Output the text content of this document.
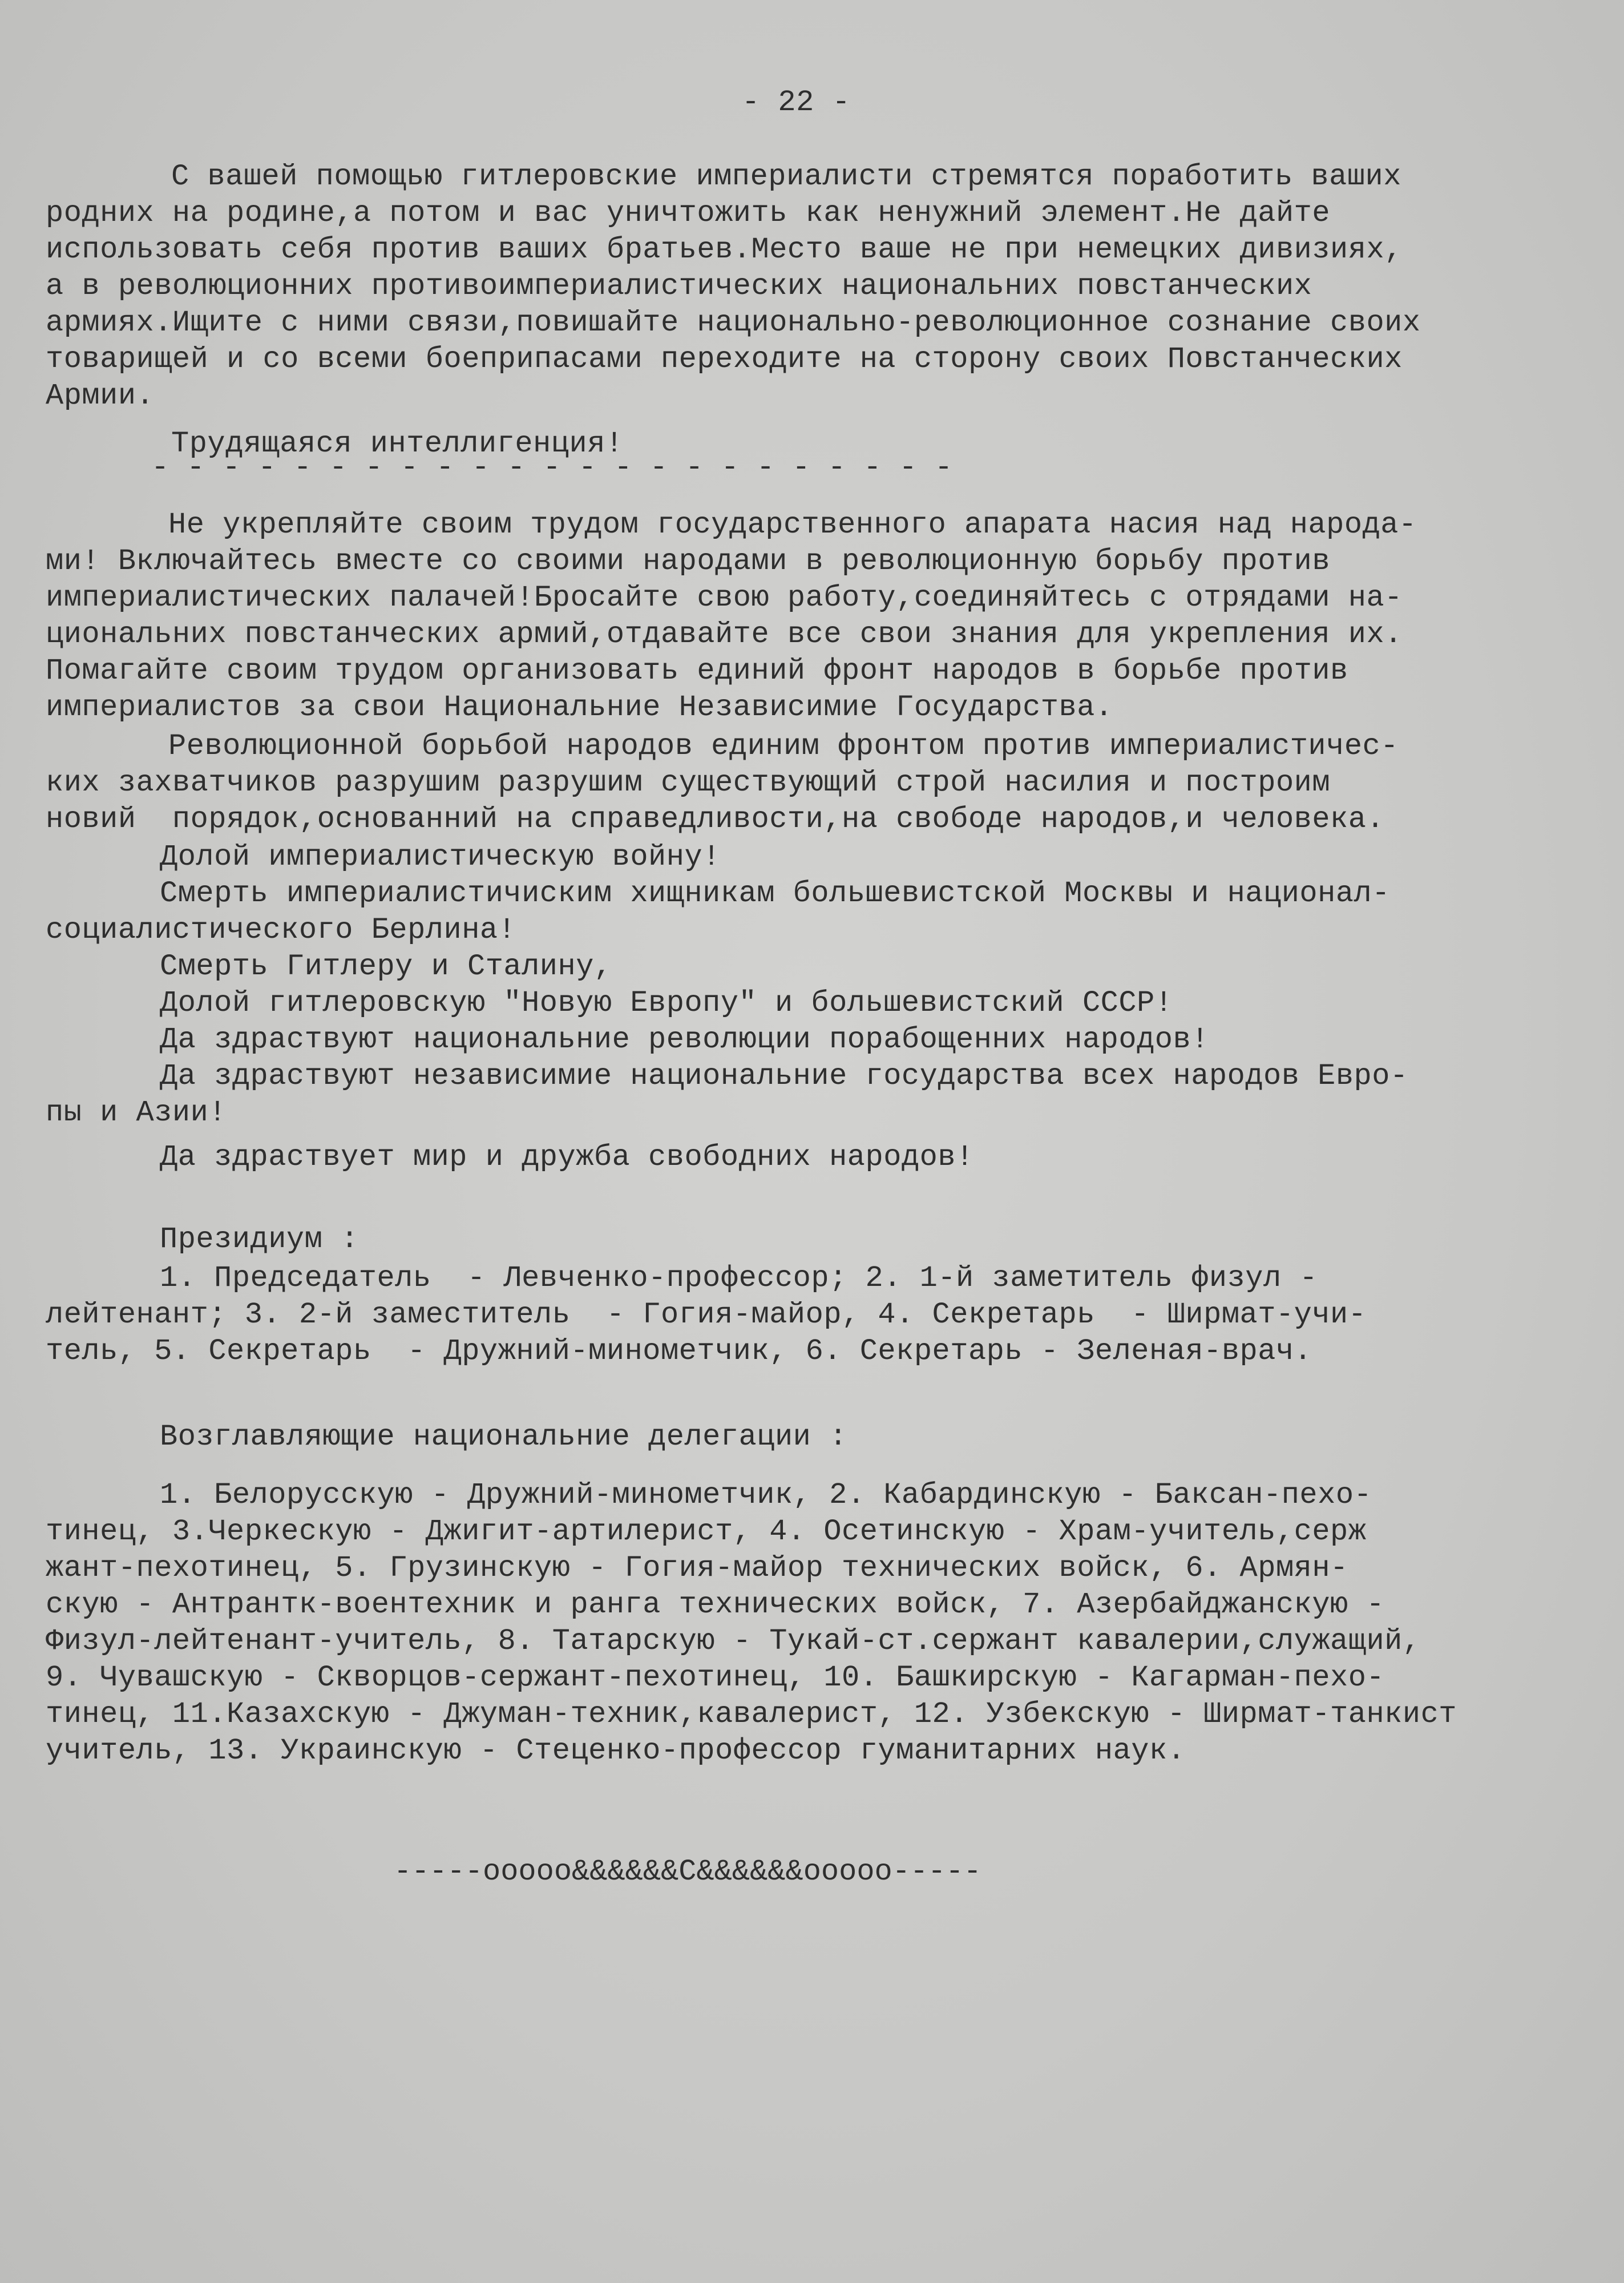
- 22 -
С вашей помощью гитлеровские империалисти стремятся поработить ваших
родних на родине,а потом и вас уничтожить как ненужний элемент.Не дайте
использовать себя против ваших братьев.Место ваше не при немецких дивизиях,
а в революционних противоимпериалистических национальних повстанческих
армиях.Ищите с ними связи,повишайте национально-революционное сознание своих
товарищей и со всеми боеприпасами переходите на сторону своих Повстанческих
Армии.
Трудящаяся интеллигенция!
- - - - - - - - - - - - - - - - - - - - - - -
Не укрепляйте своим трудом государственного апарата насия над народа-
ми! Включайтесь вместе со своими народами в революционную борьбу против
империалистических палачей!Бросайте свою работу,соединяйтесь с отрядами на-
циональних повстанческих армий,отдавайте все свои знания для укрепления их.
Помагайте своим трудом организовать единий фронт народов в борьбе против
империалистов за свои Национальние Независимие Государства.
Революционной борьбой народов единим фронтом против империалистичес-
ких захватчиков разрушим разрушим существующий строй насилия и построим
новий  порядок,основанний на справедливости,на свободе народов,и человека.
Долой империалистическую войну!
Смерть империалистичиским хищникам большевистской Москвы и национал-
социалистического Берлина!
Смерть Гитлеру и Сталину,
Долой гитлеровскую "Новую Европу" и большевистский СССР!
Да здраствуют национальние революции порабощенних народов!
Да здраствуют независимие национальние государства всех народов Евро-
пы и Азии!
Да здраствует мир и дружба свободних народов!
Президиум :
1. Председатель  - Левченко-профессор; 2. 1-й заметитель физул -
лейтенант; 3. 2-й заместитель  - Гогия-майор, 4. Секретарь  - Ширмат-учи-
тель, 5. Секретарь  - Дружний-минометчик, 6. Секретарь - Зеленая-врач.
Возглавляющие национальние делегации :
1. Белорусскую - Дружний-минометчик, 2. Кабардинскую - Баксан-пехо-
тинец, 3.Черкескую - Джигит-артилерист, 4. Осетинскую - Храм-учитель,серж
жант-пехотинец, 5. Грузинскую - Гогия-майор технических войск, 6. Армян-
скую - Антрантк-воентехник и ранга технических войск, 7. Азербайджанскую -
Физул-лейтенант-учитель, 8. Татарскую - Тукай-ст.сержант кавалерии,служащий,
9. Чувашскую - Скворцов-сержант-пехотинец, 10. Башкирскую - Кагарман-пехо-
тинец, 11.Казахскую - Джуман-техник,кавалерист, 12. Узбекскую - Ширмат-танкист
учитель, 13. Украинскую - Стеценко-профессор гуманитарних наук.
-----ooooo&&&&&&C&&&&&&ooooo-----
